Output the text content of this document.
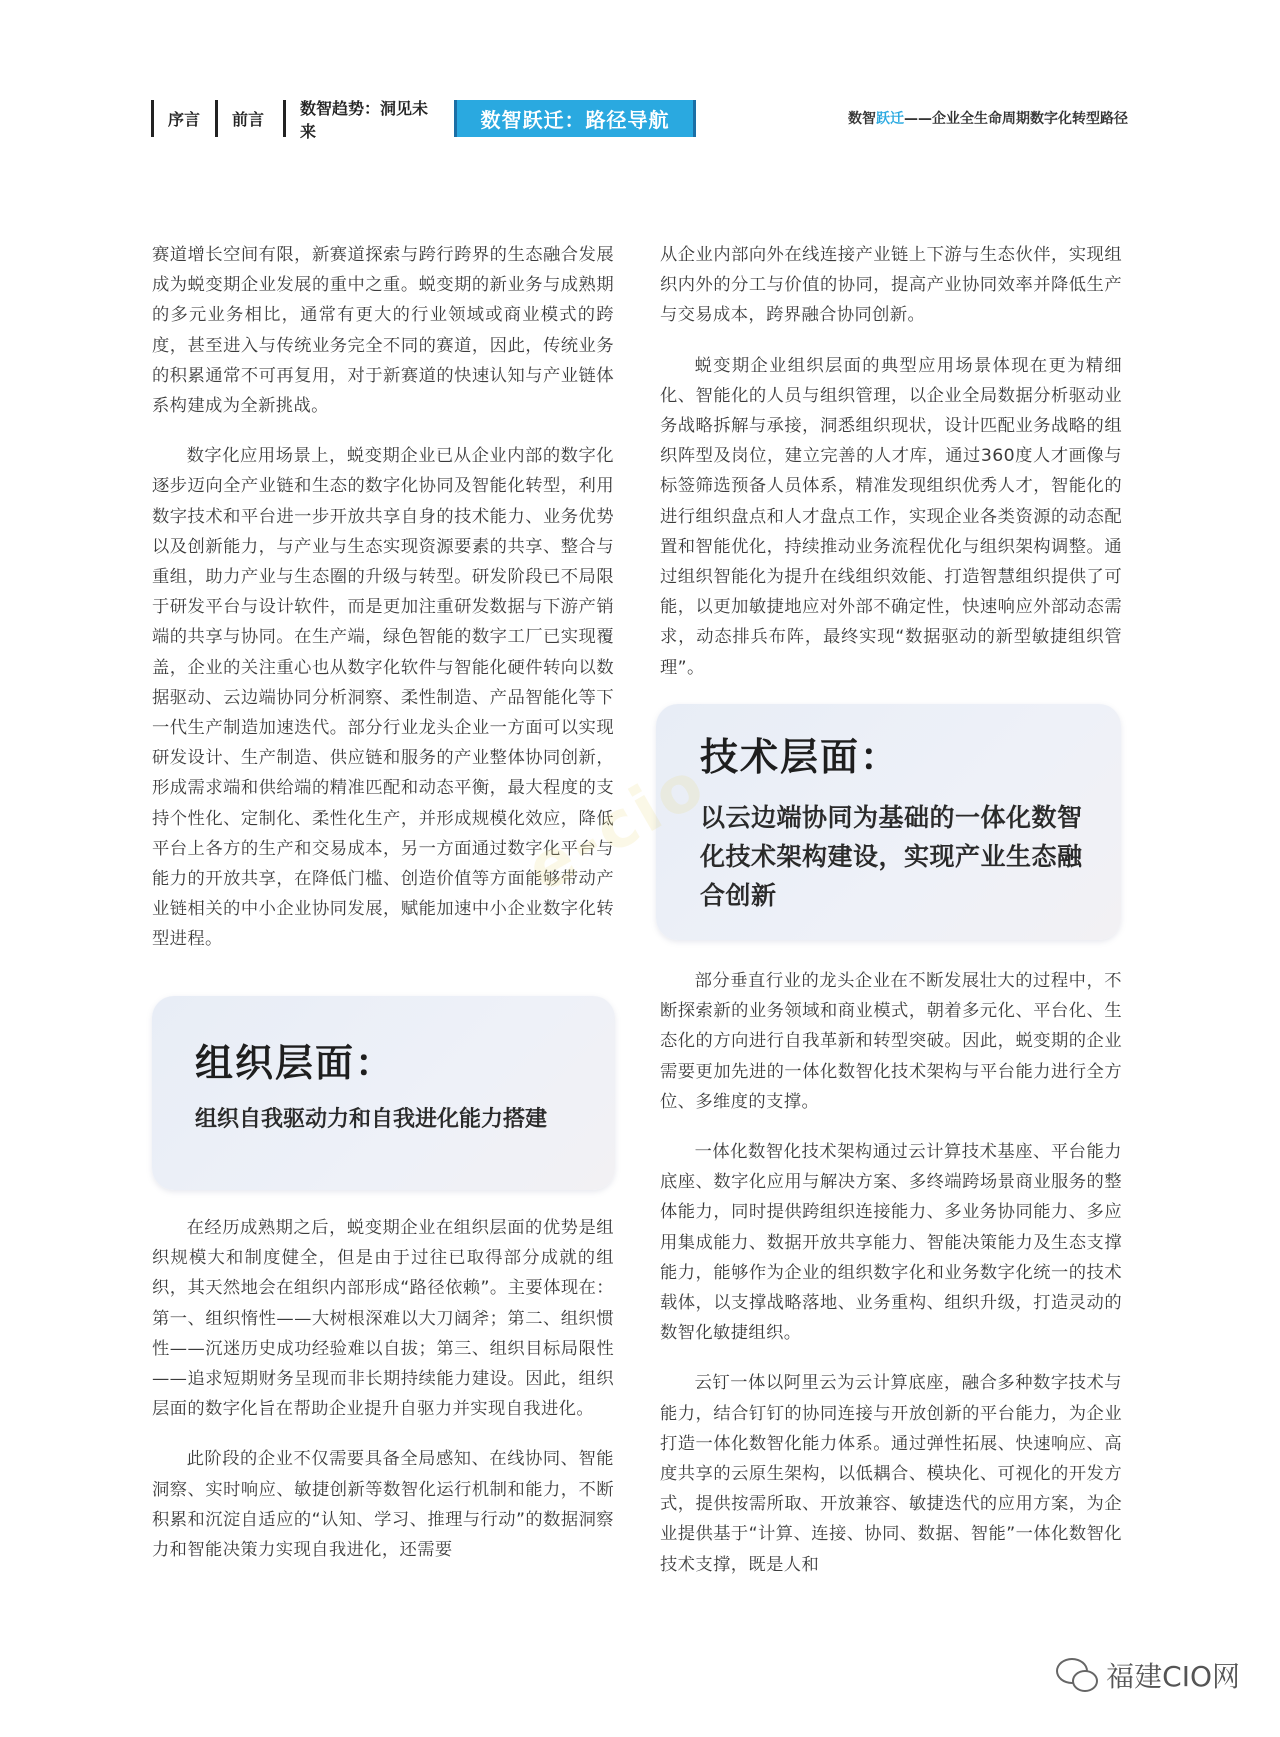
序言	前言
数智趋势：洞见未来	数智跃迁：路径导航	数智跃迁——企业全生命周期数字化转型路径

赛道增长空间有限，新赛道探索与跨行跨界的生态融合发展成为蜕变期企业发展的重中之重。蜕变期的新业务与成熟期的多元业务相比，通常有更大的行业领域或商业模式的跨度，甚至进入与传统业务完全不同的赛道，因此，传统业务的积累通常不可再复用，对于新赛道的快速认知与产业链体系构建成为全新挑战。

数字化应用场景上，蜕变期企业已从企业内部的数字化逐步迈向全产业链和生态的数字化协同及智能化转型，利用数字技术和平台进一步开放共享自身的技术能力、业务优势以及创新能力，与产业与生态实现资源要素的共享、整合与重组，助力产业与生态圈的升级与转型。研发阶段已不局限于研发平台与设计软件，而是更加注重研发数据与下游产销端的共享与协同。在生产端，绿色智能的数字工厂已实现覆盖，企业的关注重心也从数字化软件与智能化硬件转向以数据驱动、云边端协同分析洞察、柔性制造、产品智能化等下一代生产制造加速迭代。部分行业龙头企业一方面可以实现研发设计、生产制造、供应链和服务的产业整体协同创新，形成需求端和供给端的精准匹配和动态平衡，最大程度的支持个性化、定制化、柔性化生产，并形成规模化效应，降低平台上各方的生产和交易成本，另一方面通过数字化平台与能力的开放共享，在降低门槛、创造价值等方面能够带动产业链相关的中小企业协同发展，赋能加速中小企业数字化转型进程。

组织层面：
组织自我驱动力和自我进化能力搭建

在经历成熟期之后，蜕变期企业在组织层面的优势是组织规模大和制度健全，但是由于过往已取得部分成就的组织，其天然地会在组织内部形成“路径依赖”。主要体现在：第一、组织惰性——大树根深难以大刀阔斧；第二、组织惯性——沉迷历史成功经验难以自拔；第三、组织目标局限性——追求短期财务呈现而非长期持续能力建设。因此，组织层面的数字化旨在帮助企业提升自驱力并实现自我进化。

此阶段的企业不仅需要具备全局感知、在线协同、智能洞察、实时响应、敏捷创新等数智化运行机制和能力，不断积累和沉淀自适应的“认知、学习、推理与行动”的数据洞察力和智能决策力实现自我进化，还需要

从企业内部向外在线连接产业链上下游与生态伙伴，实现组织内外的分工与价值的协同，提高产业协同效率并降低生产与交易成本，跨界融合协同创新。

蜕变期企业组织层面的典型应用场景体现在更为精细化、智能化的人员与组织管理，以企业全局数据分析驱动业务战略拆解与承接，洞悉组织现状，设计匹配业务战略的组织阵型及岗位，建立完善的人才库，通过360度人才画像与标签筛选预备人员体系，精准发现组织优秀人才，智能化的进行组织盘点和人才盘点工作，实现企业各类资源的动态配置和智能优化，持续推动业务流程优化与组织架构调整。通过组织智能化为提升在线组织效能、打造智慧组织提供了可能，以更加敏捷地应对外部不确定性，快速响应外部动态需求，动态排兵布阵，最终实现“数据驱动的新型敏捷组织管理”。

技术层面：
以云边端协同为基础的一体化数智化技术架构建设，实现产业生态融合创新

部分垂直行业的龙头企业在不断发展壮大的过程中，不断探索新的业务领域和商业模式，朝着多元化、平台化、生态化的方向进行自我革新和转型突破。因此，蜕变期的企业需要更加先进的一体化数智化技术架构与平台能力进行全方位、多维度的支撑。

一体化数智化技术架构通过云计算技术基座、平台能力底座、数字化应用与解决方案、多终端跨场景商业服务的整体能力，同时提供跨组织连接能力、多业务协同能力、多应用集成能力、数据开放共享能力、智能决策能力及生态支撑能力，能够作为企业的组织数字化和业务数字化统一的技术载体，以支撑战略落地、业务重构、组织升级，打造灵动的数智化敏捷组织。

云钉一体以阿里云为云计算底座，融合多种数字技术与能力，结合钉钉的协同连接与开放创新的平台能力，为企业打造一体化数智化能力体系。通过弹性拓展、快速响应、高度共享的云原生架构，以低耦合、模块化、可视化的开发方式，提供按需所取、开放兼容、敏捷迭代的应用方案，为企业提供基于“计算、连接、协同、数据、智能”一体化数智化技术支撑，既是人和

e-cio
福建CIO网
